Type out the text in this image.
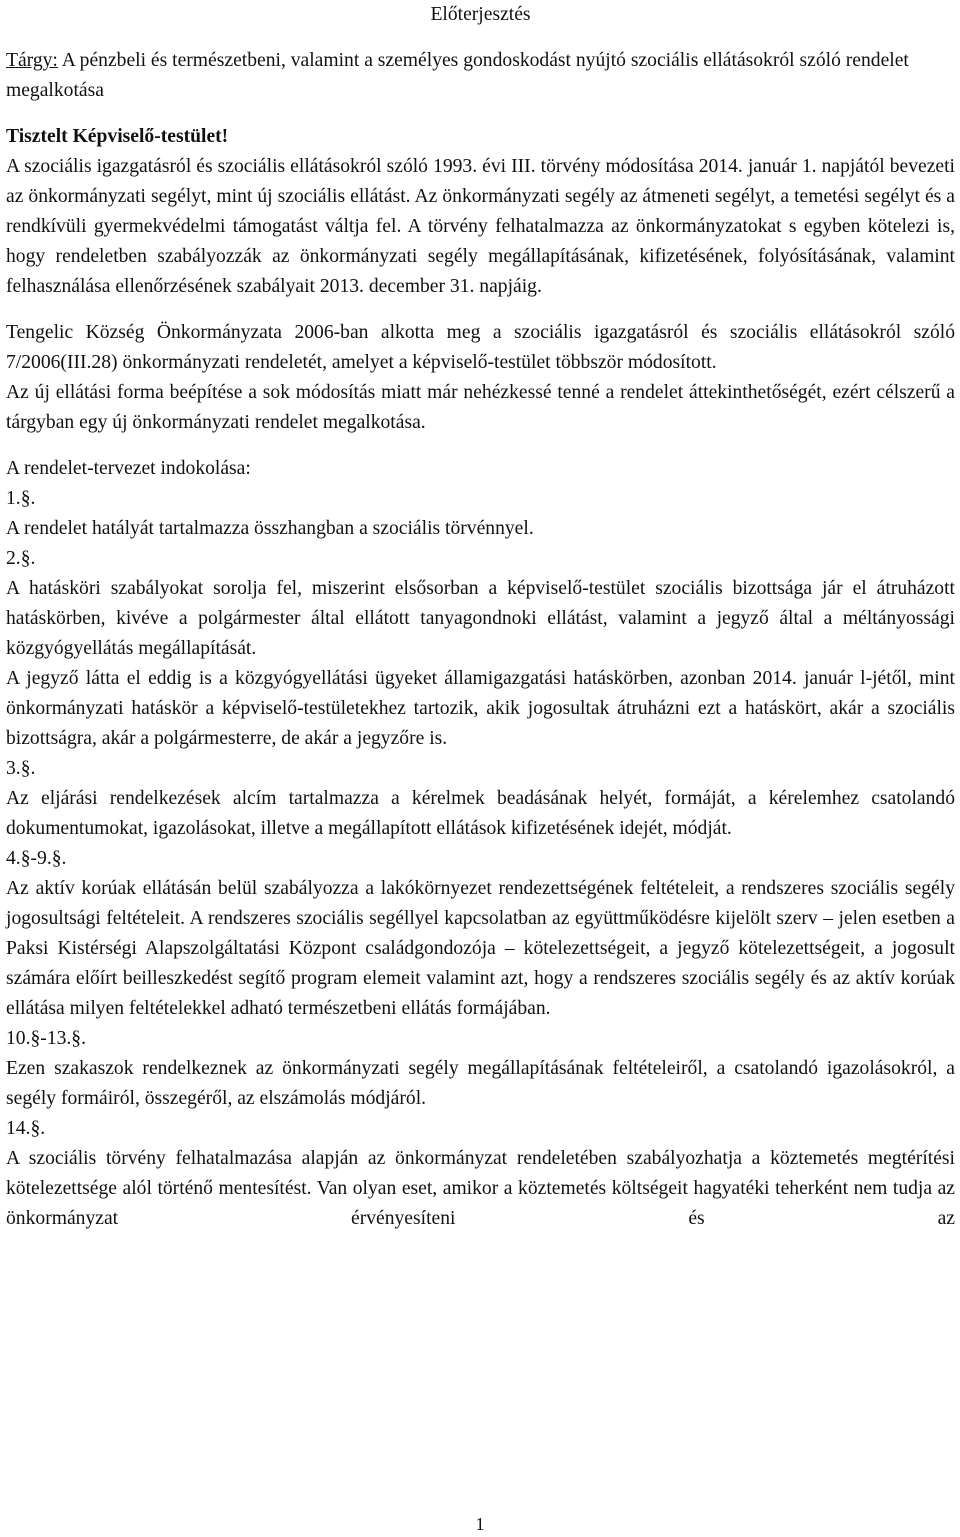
Előterjesztés

Tárgy: A pénzbeli és természetbeni, valamint a személyes gondoskodást nyújtó szociális ellátásokról szóló rendelet megalkotása

Tisztelt Képviselő-testület!

A szociális igazgatásról és szociális ellátásokról szóló 1993. évi III. törvény módosítása 2014. január 1. napjától bevezeti az önkormányzati segélyt, mint új szociális ellátást. Az önkormányzati segély az átmeneti segélyt, a temetési segélyt és a rendkívüli gyermekvédelmi támogatást váltja fel. A törvény felhatalmazza az önkormányzatokat s egyben kötelezi is, hogy rendeletben szabályozzák az önkormányzati segély megállapításának, kifizetésének, folyósításának, valamint felhasználása ellenőrzésének szabályait 2013. december 31. napjáig.

Tengelic Község Önkormányzata 2006-ban alkotta meg a szociális igazgatásról és szociális ellátásokról szóló 7/2006(III.28) önkormányzati rendeletét, amelyet a képviselő-testület többször módosított.

Az új ellátási forma beépítése a sok módosítás miatt már nehézkessé tenné a rendelet áttekinthetőségét, ezért célszerű a tárgyban egy új önkormányzati rendelet megalkotása.

A rendelet-tervezet indokolása:

1.§.

A rendelet hatályát tartalmazza összhangban a szociális törvénnyel.

2.§.

A hatásköri szabályokat sorolja fel, miszerint elsősorban a képviselő-testület szociális bizottsága jár el átruházott hatáskörben, kivéve a polgármester által ellátott tanyagondnoki ellátást, valamint a jegyző által a méltányossági közgyógyellátás megállapítását.

A jegyző látta el eddig is a közgyógyellátási ügyeket államigazgatási hatáskörben, azonban 2014. január l-jétől, mint önkormányzati hatáskör a képviselő-testületekhez tartozik, akik jogosultak átruházni ezt a hatáskört, akár a szociális bizottságra, akár a polgármesterre, de akár a jegyzőre is.

3.§.

Az eljárási rendelkezések alcím tartalmazza a kérelmek beadásának helyét, formáját, a kérelemhez csatolandó dokumentumokat, igazolásokat, illetve a megállapított ellátások kifizetésének idejét, módját.

4.§-9.§.

Az aktív korúak ellátásán belül szabályozza a lakókörnyezet rendezettségének feltételeit, a rendszeres szociális segély jogosultsági feltételeit. A rendszeres szociális segéllyel kapcsolatban az együttműködésre kijelölt szerv – jelen esetben a Paksi Kistérségi Alapszolgáltatási Központ családgondozója – kötelezettségeit, a jegyző kötelezettségeit, a jogosult számára előírt beilleszkedést segítő program elemeit valamint azt, hogy a rendszeres szociális segély és az aktív korúak ellátása milyen feltételekkel adható természetbeni ellátás formájában.

10.§-13.§.

Ezen szakaszok rendelkeznek az önkormányzati segély megállapításának feltételeiről, a csatolandó igazolásokról, a segély formáiról, összegéről, az elszámolás módjáról.

14.§.

A szociális törvény felhatalmazása alapján az önkormányzat rendeletében szabályozhatja a köztemetés megtérítési kötelezettsége alól történő mentesítést. Van olyan eset, amikor a köztemetés költségeit hagyatéki teherként nem tudja az önkormányzat érvényesíteni és az

1
